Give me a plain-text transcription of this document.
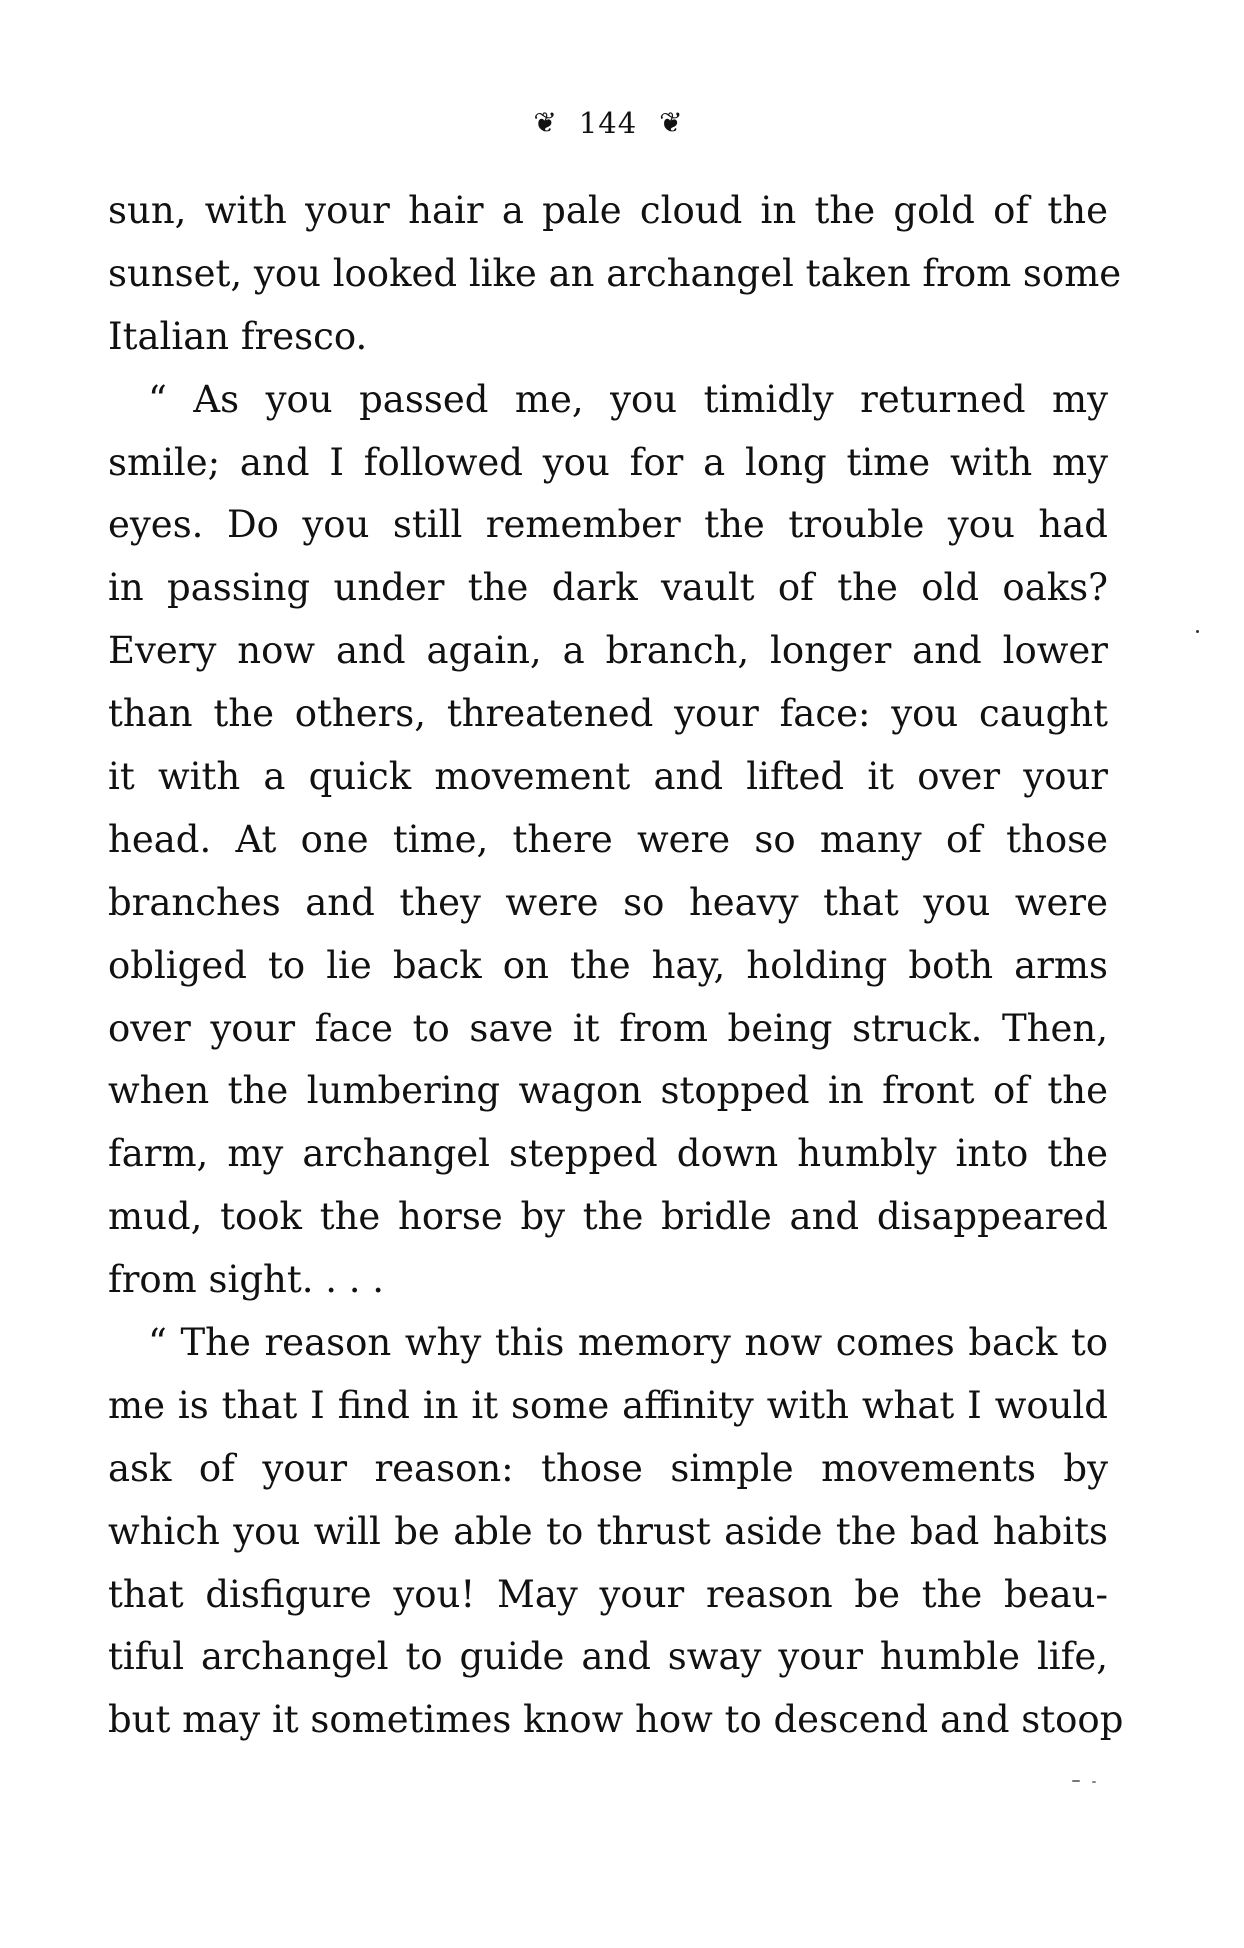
❦ 144 ❦
sun, with your hair a pale cloud in the gold of the
sunset, you looked like an archangel taken from some
Italian fresco.
“ As you passed me, you timidly returned my
smile; and I followed you for a long time with my
eyes. Do you still remember the trouble you had
in passing under the dark vault of the old oaks?
Every now and again, a branch, longer and lower
than the others, threatened your face: you caught
it with a quick movement and lifted it over your
head. At one time, there were so many of those
branches and they were so heavy that you were
obliged to lie back on the hay, holding both arms
over your face to save it from being struck. Then,
when the lumbering wagon stopped in front of the
farm, my archangel stepped down humbly into the
mud, took the horse by the bridle and disappeared
from sight. . . .
“ The reason why this memory now comes back to
me is that I find in it some affinity with what I would
ask of your reason: those simple movements by
which you will be able to thrust aside the bad habits
that disfigure you! May your reason be the beau-
tiful archangel to guide and sway your humble life,
but may it sometimes know how to descend and stoop
